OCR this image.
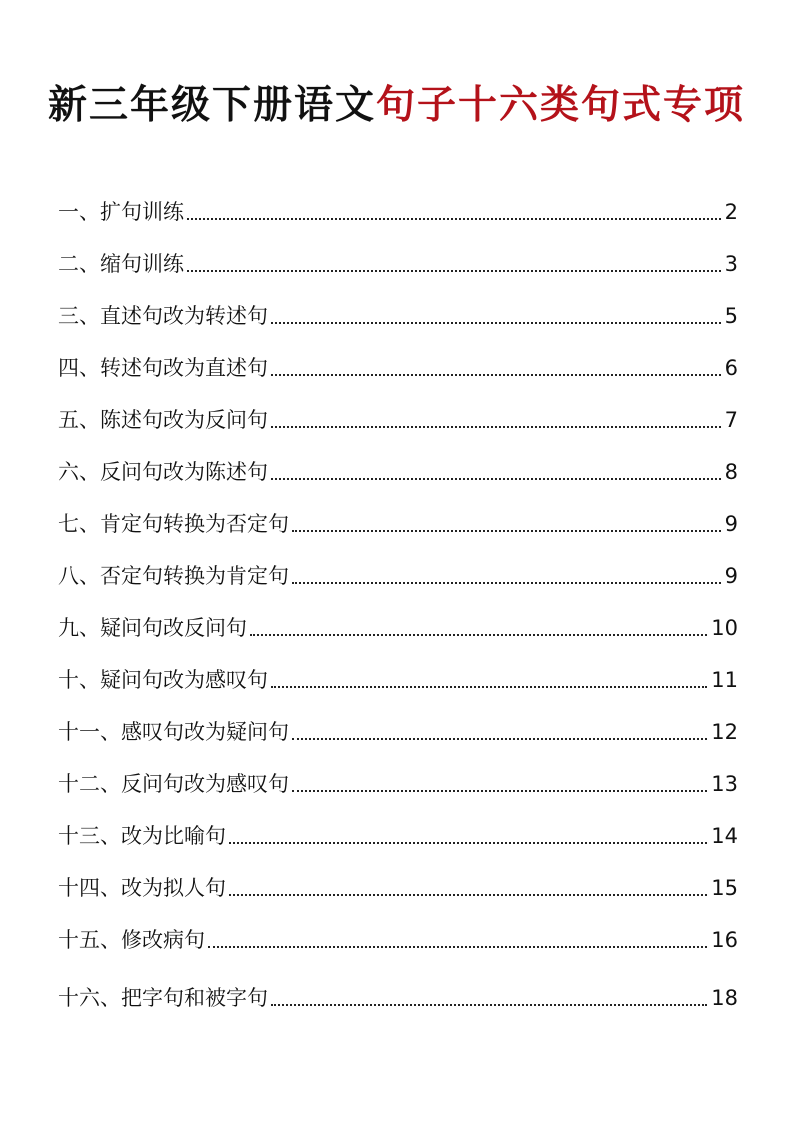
新三年级下册语文句子十六类句式专项
一、 扩句训练	2
二、 缩句训练	3
三、 直述句改为转述句	5
四、 转述句改为直述句	6
五、 陈述句改为反问句	7
六、 反问句改为陈述句	8
七、 肯定句转换为否定句	9
八、 否定句转换为肯定句	9
九、 疑问句改反问句	10
十、 疑问句改为感叹句	11
十一、 感叹句改为疑问句	12
十二、 反问句改为感叹句	13
十三、 改为比喻句	14
十四、 改为拟人句	15
十五、 修改病句	16
十六、 把字句和被字句	18
